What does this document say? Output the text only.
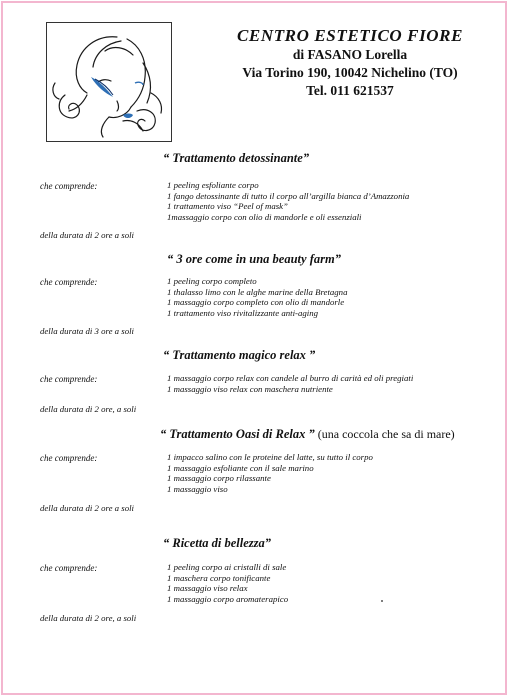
CENTRO ESTETICO FIORE
di FASANO Lorella
Via Torino 190, 10042 Nichelino (TO)
Tel. 011 621537
“ Trattamento detossinante”
che comprende:	1 peeling esfoliante corpo
1 fango detossinante di tutto il corpo all’argilla bianca d’Amazzonia
1 trattamento viso “Peel of mask”
1massaggio corpo con olio di mandorle e oli essenziali
della durata di 2 ore a soli
“ 3 ore come in una beauty farm”
che comprende:	1 peeling corpo completo
1 thalasso limo con le alghe marine della Bretagna
1 massaggio corpo completo con olio di mandorle
1 trattamento viso rivitalizzante anti-aging
della durata di 3 ore a soli
“ Trattamento magico relax ”
che comprende:	1 massaggio corpo relax con candele al burro di carità ed oli pregiati
1 massaggio viso relax con maschera nutriente
della durata di 2 ore, a soli
“ Trattamento Oasi di Relax ” (una coccola che sa di mare)
che comprende:	1 impacco salino con le proteine del latte, su tutto il corpo
1 massaggio esfoliante con il sale marino
1 massaggio corpo rilassante
1 massaggio viso
della durata di 2 ore a soli
“ Ricetta di bellezza”
che comprende:	1 peeling corpo ai cristalli di sale
1 maschera corpo tonificante
1 massaggio viso relax
1 massaggio corpo aromaterapico
della durata di 2 ore, a soli
